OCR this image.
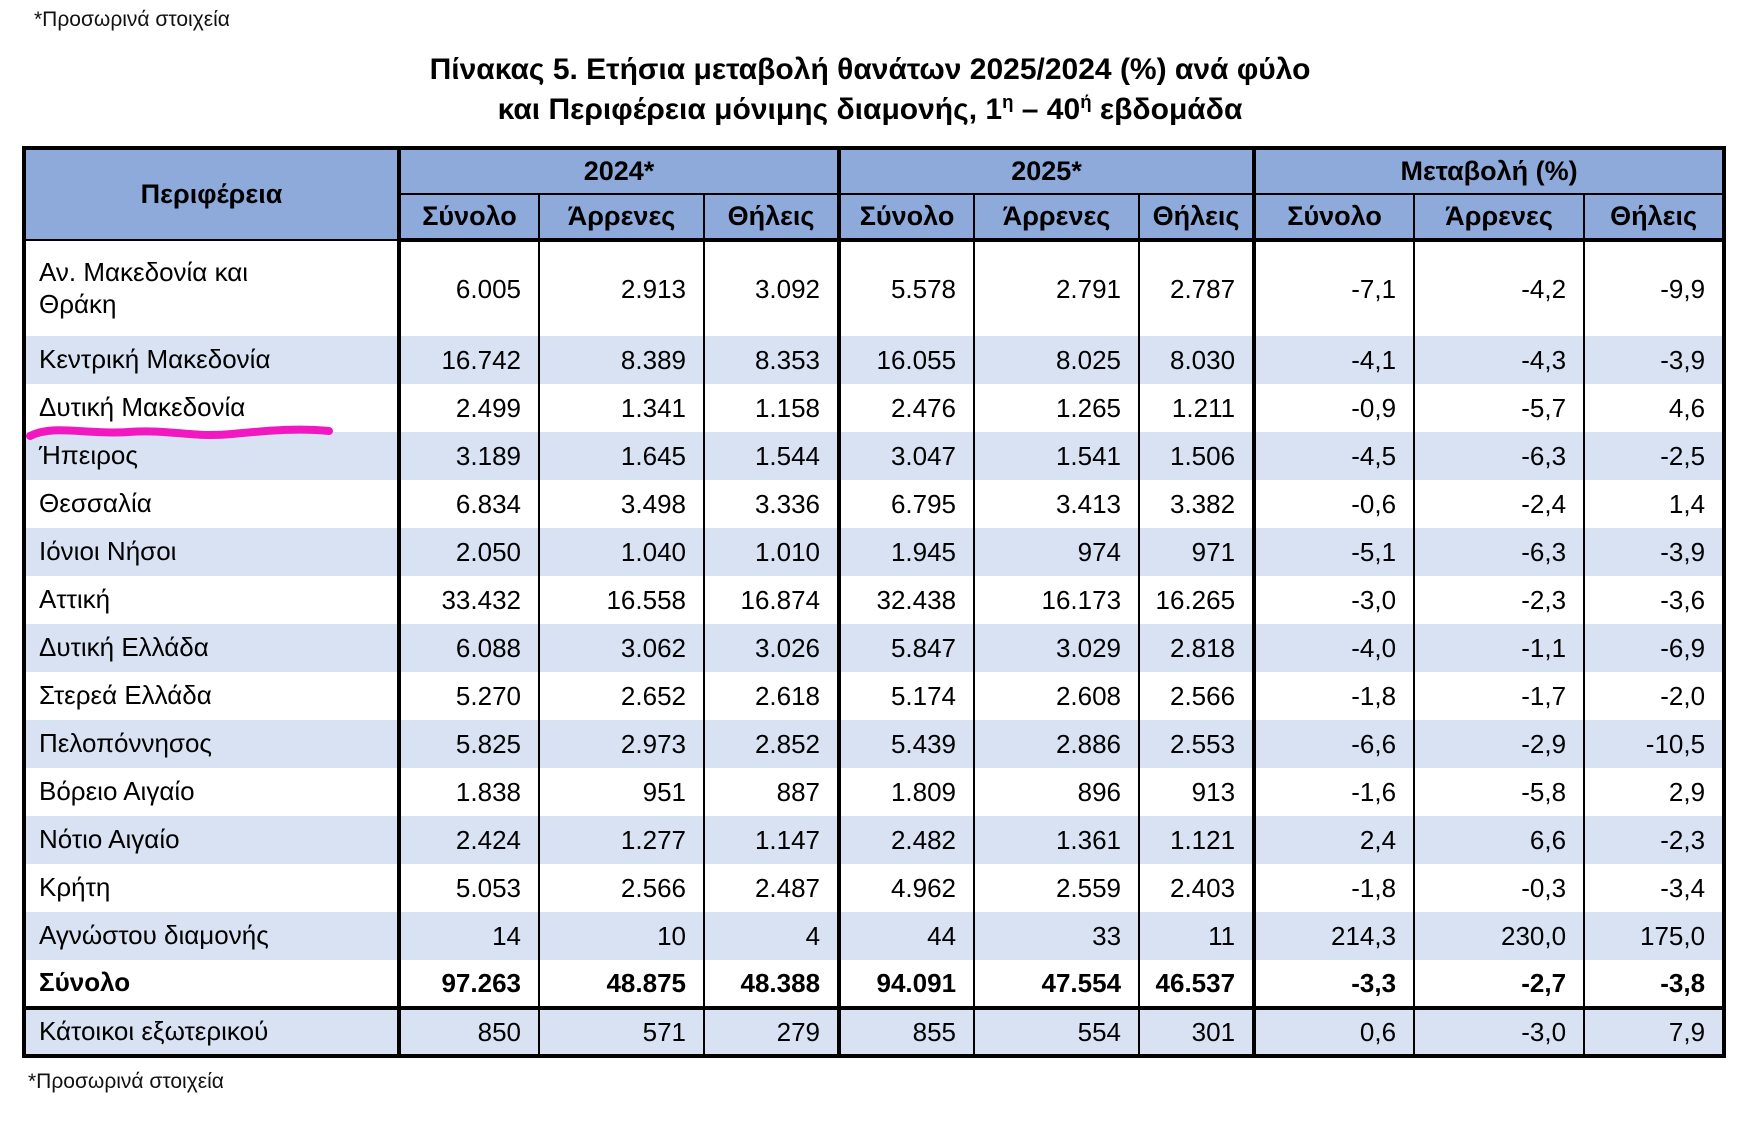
*Προσωρινά στοιχεία
Πίνακας 5. Ετήσια μεταβολή θανάτων 2025/2024 (%) ανά φύλο
και Περιφέρεια μόνιμης διαμονής, $1^\eta - 40^ή$ εβδομάδα
Περιφέρεια	2024*			2025*			Μεταβολή (%)		
	Σύνολο	Άρρενες	Θήλεις	Σύνολο	Άρρενες	Θήλεις	Σύνολο	Άρρενες	Θήλεις
Αν. Μακεδονία και Θράκη	6.005	2.913	3.092	5.578	2.791	2.787	-7,1	-4,2	-9,9
Κεντρική Μακεδονία	16.742	8.389	8.353	16.055	8.025	8.030	-4,1	-4,3	-3,9
Δυτική Μακεδονία	2.499	1.341	1.158	2.476	1.265	1.211	-0,9	-5,7	4,6
Ήπειρος	3.189	1.645	1.544	3.047	1.541	1.506	-4,5	-6,3	-2,5
Θεσσαλία	6.834	3.498	3.336	6.795	3.413	3.382	-0,6	-2,4	1,4
Ιόνιοι Νήσοι	2.050	1.040	1.010	1.945	974	971	-5,1	-6,3	-3,9
Αττική	33.432	16.558	16.874	32.438	16.173	16.265	-3,0	-2,3	-3,6
Δυτική Ελλάδα	6.088	3.062	3.026	5.847	3.029	2.818	-4,0	-1,1	-6,9
Στερεά Ελλάδα	5.270	2.652	2.618	5.174	2.608	2.566	-1,8	-1,7	-2,0
Πελοπόννησος	5.825	2.973	2.852	5.439	2.886	2.553	-6,6	-2,9	-10,5
Βόρειο Αιγαίο	1.838	951	887	1.809	896	913	-1,6	-5,8	2,9
Νότιο Αιγαίο	2.424	1.277	1.147	2.482	1.361	1.121	2,4	6,6	-2,3
Κρήτη	5.053	2.566	2.487	4.962	2.559	2.403	-1,8	-0,3	-3,4
Αγνώστου διαμονής	14	10	4	44	33	11	214,3	230,0	175,0
Σύνολο	97.263	48.875	48.388	94.091	47.554	46.537	-3,3	-2,7	-3,8
Κάτοικοι εξωτερικού	850	571	279	855	554	301	0,6	-3,0	7,9
*Προσωρινά στοιχεία
